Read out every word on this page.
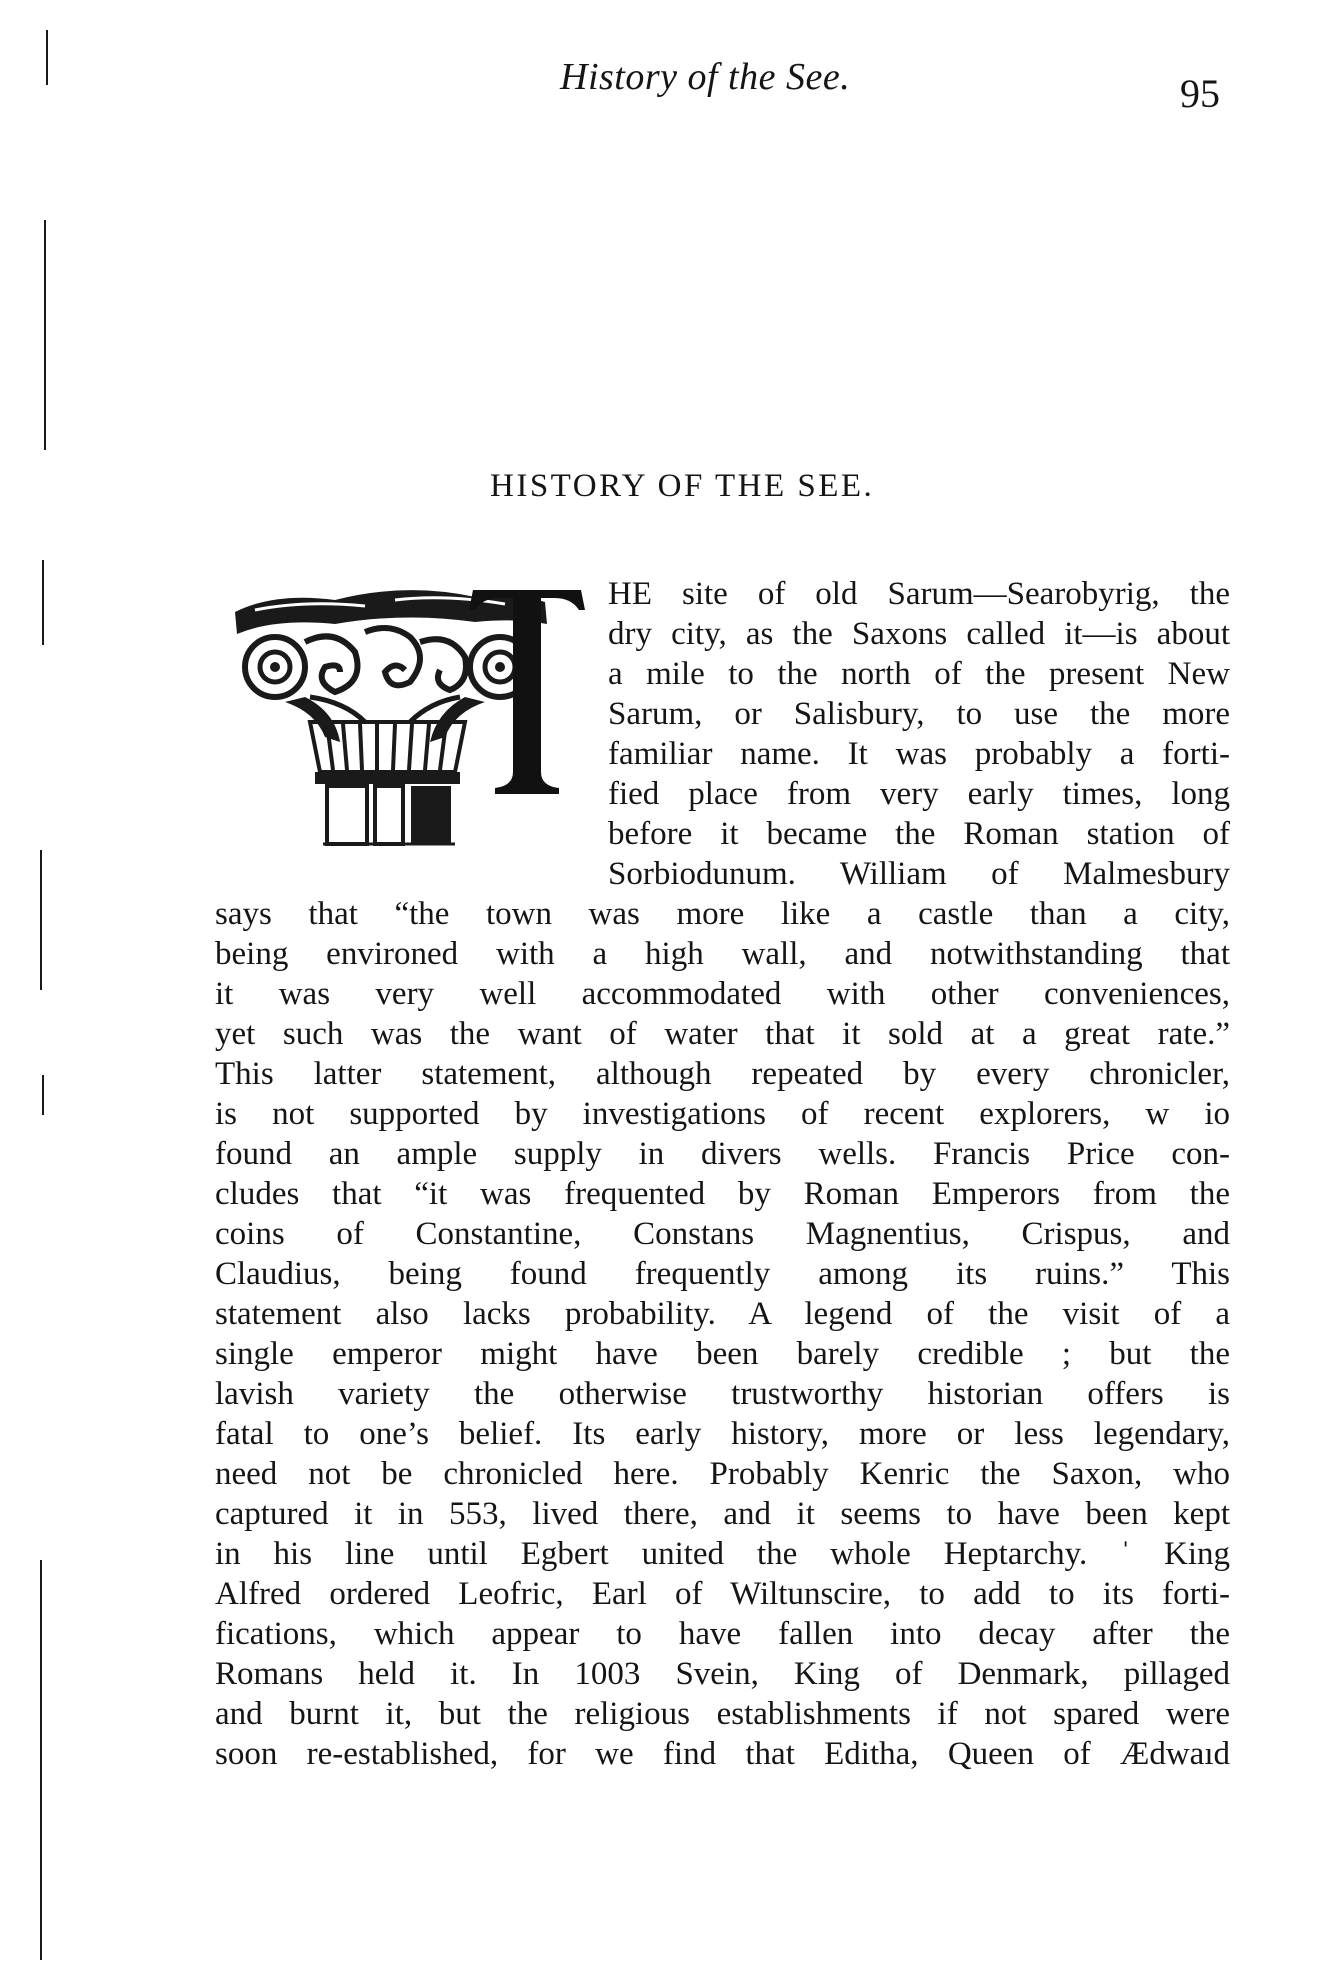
History of the See.	95
HISTORY OF THE SEE.
HE site of old Sarum—Searobyrig, the
dry city, as the Saxons called it—is about
a mile to the north of the present New
Sarum, or Salisbury, to use the more
familiar name. It was probably a forti-
fied place from very early times, long
before it became the Roman station of
Sorbiodunum. William of Malmesbury
says that “the town was more like a castle than a city,
being environed with a high wall, and notwithstanding that
it was very well accommodated with other conveniences,
yet such was the want of water that it sold at a great rate.”
This latter statement, although repeated by every chronicler,
is not supported by investigations of recent explorers, w io
found an ample supply in divers wells. Francis Price con-
cludes that “it was frequented by Roman Emperors from the
coins of Constantine, Constans Magnentius, Crispus, and
Claudius, being found frequently among its ruins.” This
statement also lacks probability. A legend of the visit of a
single emperor might have been barely credible ; but the
lavish variety the otherwise trustworthy historian offers is
fatal to one’s belief. Its early history, more or less legendary,
need not be chronicled here. Probably Kenric the Saxon, who
captured it in 553, lived there, and it seems to have been kept
in his line until Egbert united the whole Heptarchy. ˈ King
Alfred ordered Leofric, Earl of Wiltunscire, to add to its forti-
fications, which appear to have fallen into decay after the
Romans held it. In 1003 Svein, King of Denmark, pillaged
and burnt it, but the religious establishments if not spared were
soon re-established, for we find that Editha, Queen of Ædwaıd
